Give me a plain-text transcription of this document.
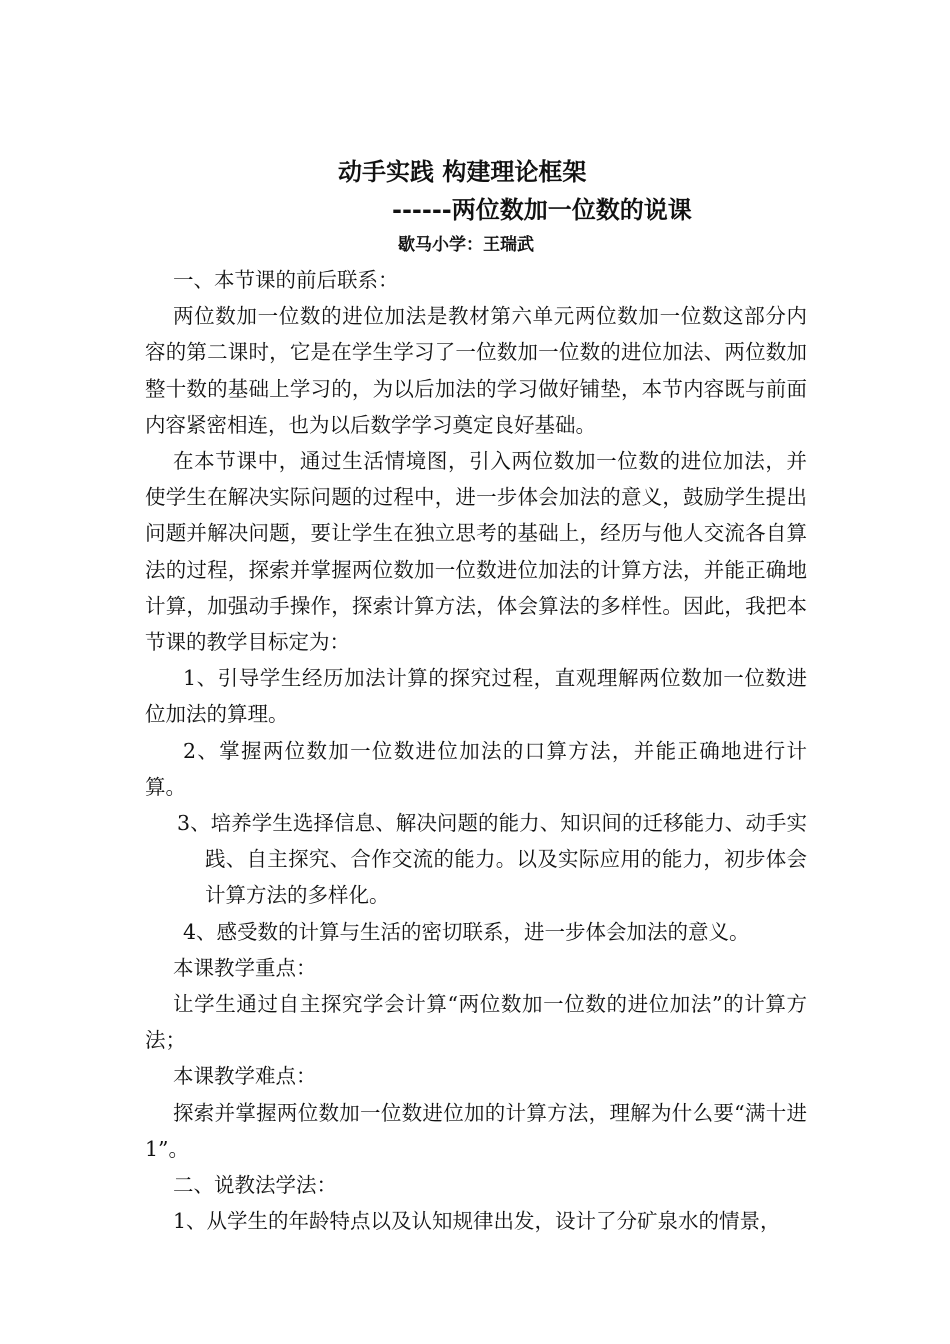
动手实践 构建理论框架
------两位数加一位数的说课
歇马小学：王瑞武

一、本节课的前后联系：

两位数加一位数的进位加法是教材第六单元两位数加一位数这部分内容的第二课时，它是在学生学习了一位数加一位数的进位加法、两位数加整十数的基础上学习的，为以后加法的学习做好铺垫，本节内容既与前面内容紧密相连，也为以后数学学习奠定良好基础。

在本节课中，通过生活情境图，引入两位数加一位数的进位加法，并使学生在解决实际问题的过程中，进一步体会加法的意义，鼓励学生提出问题并解决问题，要让学生在独立思考的基础上，经历与他人交流各自算法的过程，探索并掌握两位数加一位数进位加法的计算方法，并能正确地计算，加强动手操作，探索计算方法，体会算法的多样性。因此，我把本节课的教学目标定为：

1、引导学生经历加法计算的探究过程，直观理解两位数加一位数进位加法的算理。

2、掌握两位数加一位数进位加法的口算方法，并能正确地进行计算。

3、培养学生选择信息、解决问题的能力、知识间的迁移能力、动手实践、自主探究、合作交流的能力。以及实际应用的能力，初步体会计算方法的多样化。

4、感受数的计算与生活的密切联系，进一步体会加法的意义。

本课教学重点：

让学生通过自主探究学会计算“两位数加一位数的进位加法”的计算方法；

本课教学难点：

探索并掌握两位数加一位数进位加的计算方法，理解为什么要“满十进1”。

二、说教法学法：

1、从学生的年龄特点以及认知规律出发，设计了分矿泉水的情景，
